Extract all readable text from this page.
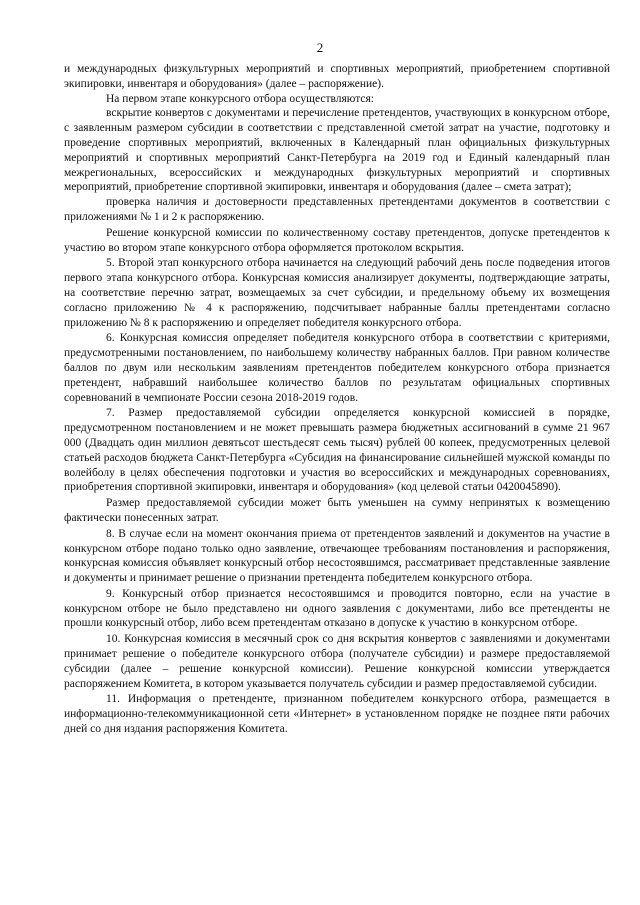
2

и международных физкультурных мероприятий и спортивных мероприятий, приобретением спортивной экипировки, инвентаря и оборудования» (далее – распоряжение).

На первом этапе конкурсного отбора осуществляются:

вскрытие конвертов с документами и перечисление претендентов, участвующих в конкурсном отборе, с заявленным размером субсидии в соответствии с представленной сметой затрат на участие, подготовку и проведение спортивных мероприятий, включенных в Календарный план официальных физкультурных мероприятий и спортивных мероприятий Санкт-Петербурга на 2019 год и Единый календарный план межрегиональных, всероссийских и международных физкультурных мероприятий и спортивных мероприятий, приобретение спортивной экипировки, инвентаря и оборудования (далее – смета затрат);

проверка наличия и достоверности представленных претендентами документов в соответствии с приложениями № 1 и 2 к распоряжению.

Решение конкурсной комиссии по количественному составу претендентов, допуске претендентов к участию во втором этапе конкурсного отбора оформляется протоколом вскрытия.

5. Второй этап конкурсного отбора начинается на следующий рабочий день после подведения итогов первого этапа конкурсного отбора. Конкурсная комиссия анализирует документы, подтверждающие затраты, на соответствие перечню затрат, возмещаемых за счет субсидии, и предельному объему их возмещения согласно приложению № 4 к распоряжению, подсчитывает набранные баллы претендентами согласно приложению № 8 к распоряжению и определяет победителя конкурсного отбора.

6. Конкурсная комиссия определяет победителя конкурсного отбора в соответствии с критериями, предусмотренными постановлением, по наибольшему количеству набранных баллов. При равном количестве баллов по двум или нескольким заявлениям претендентов победителем конкурсного отбора признается претендент, набравший наибольшее количество баллов по результатам официальных спортивных соревнований в чемпионате России сезона 2018-2019 годов.

7. Размер предоставляемой субсидии определяется конкурсной комиссией в порядке, предусмотренном постановлением и не может превышать размера бюджетных ассигнований в сумме 21 967 000 (Двадцать один миллион девятьсот шестьдесят семь тысяч) рублей 00 копеек, предусмотренных целевой статьей расходов бюджета Санкт-Петербурга «Субсидия на финансирование сильнейшей мужской команды по волейболу в целях обеспечения подготовки и участия во всероссийских и международных соревнованиях, приобретения спортивной экипировки, инвентаря и оборудования» (код целевой статьи 0420045890).

Размер предоставляемой субсидии может быть уменьшен на сумму непринятых к возмещению фактически понесенных затрат.

8. В случае если на момент окончания приема от претендентов заявлений и документов на участие в конкурсном отборе подано только одно заявление, отвечающее требованиям постановления и распоряжения, конкурсная комиссия объявляет конкурсный отбор несостоявшимся, рассматривает представленные заявление и документы и принимает решение о признании претендента победителем конкурсного отбора.

9. Конкурсный отбор признается несостоявшимся и проводится повторно, если на участие в конкурсном отборе не было представлено ни одного заявления с документами, либо все претенденты не прошли конкурсный отбор, либо всем претендентам отказано в допуске к участию в конкурсном отборе.

10. Конкурсная комиссия в месячный срок со дня вскрытия конвертов с заявлениями и документами принимает решение о победителе конкурсного отбора (получателе субсидии) и размере предоставляемой субсидии (далее – решение конкурсной комиссии). Решение конкурсной комиссии утверждается распоряжением Комитета, в котором указывается получатель субсидии и размер предоставляемой субсидии.

11. Информация о претенденте, признанном победителем конкурсного отбора, размещается в информационно-телекоммуникационной сети «Интернет» в установленном порядке не позднее пяти рабочих дней со дня издания распоряжения Комитета.
